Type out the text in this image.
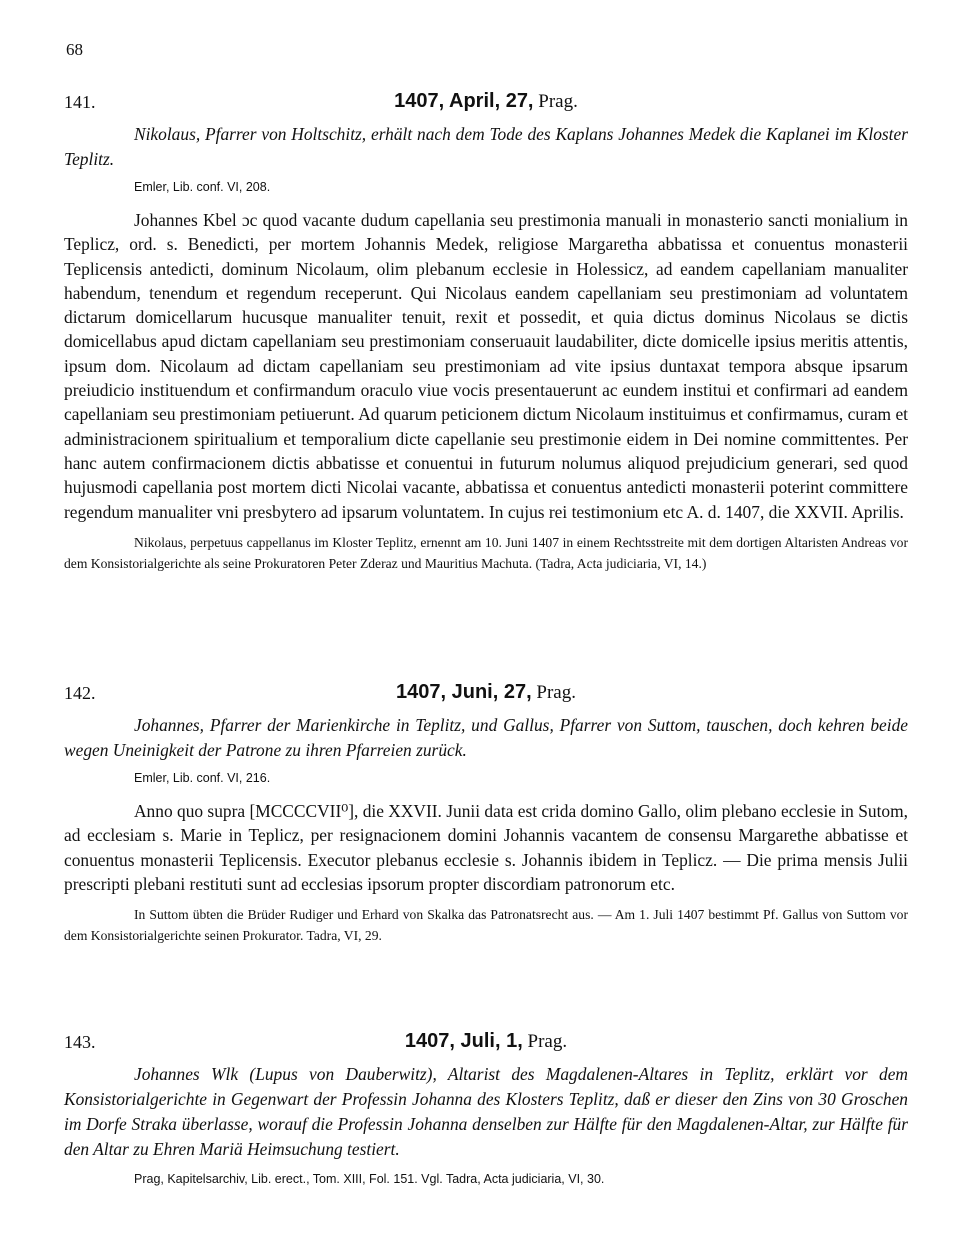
68
141.	1407, April, 27, Prag.

Nikolaus, Pfarrer von Holtschitz, erhält nach dem Tode des Kaplans Johannes Medek die Kaplanei im Kloster Teplitz.

Emler, Lib. conf. VI, 208.

Johannes Kbel ɔc quod vacante dudum capellania seu prestimonia manuali in monasterio sancti monialium in Teplicz, ord. s. Benedicti, per mortem Johannis Medek, religiose Margaretha abbatissa et conuentus monasterii Teplicensis antedicti, dominum Nicolaum, olim plebanum ecclesie in Holessicz, ad eandem capellaniam manualiter habendum, tenendum et regendum receperunt. Qui Nicolaus eandem capellaniam seu prestimoniam ad voluntatem dictarum domicellarum hucusque manualiter tenuit, rexit et possedit, et quia dictus dominus Nicolaus se dictis domicellabus apud dictam capellaniam seu prestimoniam conseruauit laudabiliter, dicte domicelle ipsius meritis attentis, ipsum dom. Nicolaum ad dictam capellaniam seu prestimoniam ad vite ipsius duntaxat tempora absque ipsarum preiudicio instituendum et confirmandum oraculo viue vocis presentauerunt ac eundem institui et confirmari ad eandem capellaniam seu prestimoniam petiuerunt. Ad quarum peticionem dictum Nicolaum instituimus et confirmamus, curam et administracionem spiritualium et temporalium dicte capellanie seu prestimonie eidem in Dei nomine committentes. Per hanc autem confirmacionem dictis abbatisse et conuentui in futurum nolumus aliquod prejudicium generari, sed quod hujusmodi capellania post mortem dicti Nicolai vacante, abbatissa et conuentus antedicti monasterii poterint committere regendum manualiter vni presbytero ad ipsarum voluntatem. In cujus rei testimonium etc A. d. 1407, die XXVII. Aprilis.

Nikolaus, perpetuus cappellanus im Kloster Teplitz, ernennt am 10. Juni 1407 in einem Rechtsstreite mit dem dortigen Altaristen Andreas vor dem Konsistorialgerichte als seine Prokuratoren Peter Zderaz und Mauritius Machuta. (Tadra, Acta judiciaria, VI, 14.)

142.	1407, Juni, 27, Prag.

Johannes, Pfarrer der Marienkirche in Teplitz, und Gallus, Pfarrer von Suttom, tauschen, doch kehren beide wegen Uneinigkeit der Patrone zu ihren Pfarreien zurück.

Emler, Lib. conf. VI, 216.

Anno quo supra [MCCCCVII⁰], die XXVII. Junii data est crida domino Gallo, olim plebano ecclesie in Sutom, ad ecclesiam s. Marie in Teplicz, per resignacionem domini Johannis vacantem de consensu Margarethe abbatisse et conuentus monasterii Teplicensis. Executor plebanus ecclesie s. Johannis ibidem in Teplicz. — Die prima mensis Julii prescripti plebani restituti sunt ad ecclesias ipsorum propter discordiam patronorum etc.

In Suttom übten die Brüder Rudiger und Erhard von Skalka das Patronatsrecht aus. — Am 1. Juli 1407 bestimmt Pf. Gallus von Suttom vor dem Konsistorialgerichte seinen Prokurator. Tadra, VI, 29.

143.	1407, Juli, 1, Prag.

Johannes Wlk (Lupus von Dauberwitz), Altarist des Magdalenen-Altares in Teplitz, erklärt vor dem Konsistorialgerichte in Gegenwart der Professin Johanna des Klosters Teplitz, daß er dieser den Zins von 30 Groschen im Dorfe Straka überlasse, worauf die Professin Johanna denselben zur Hälfte für den Magdalenen-Altar, zur Hälfte für den Altar zu Ehren Mariä Heimsuchung testiert.

Prag, Kapitelsarchiv, Lib. erect., Tom. XIII, Fol. 151. Vgl. Tadra, Acta judiciaria, VI, 30.
